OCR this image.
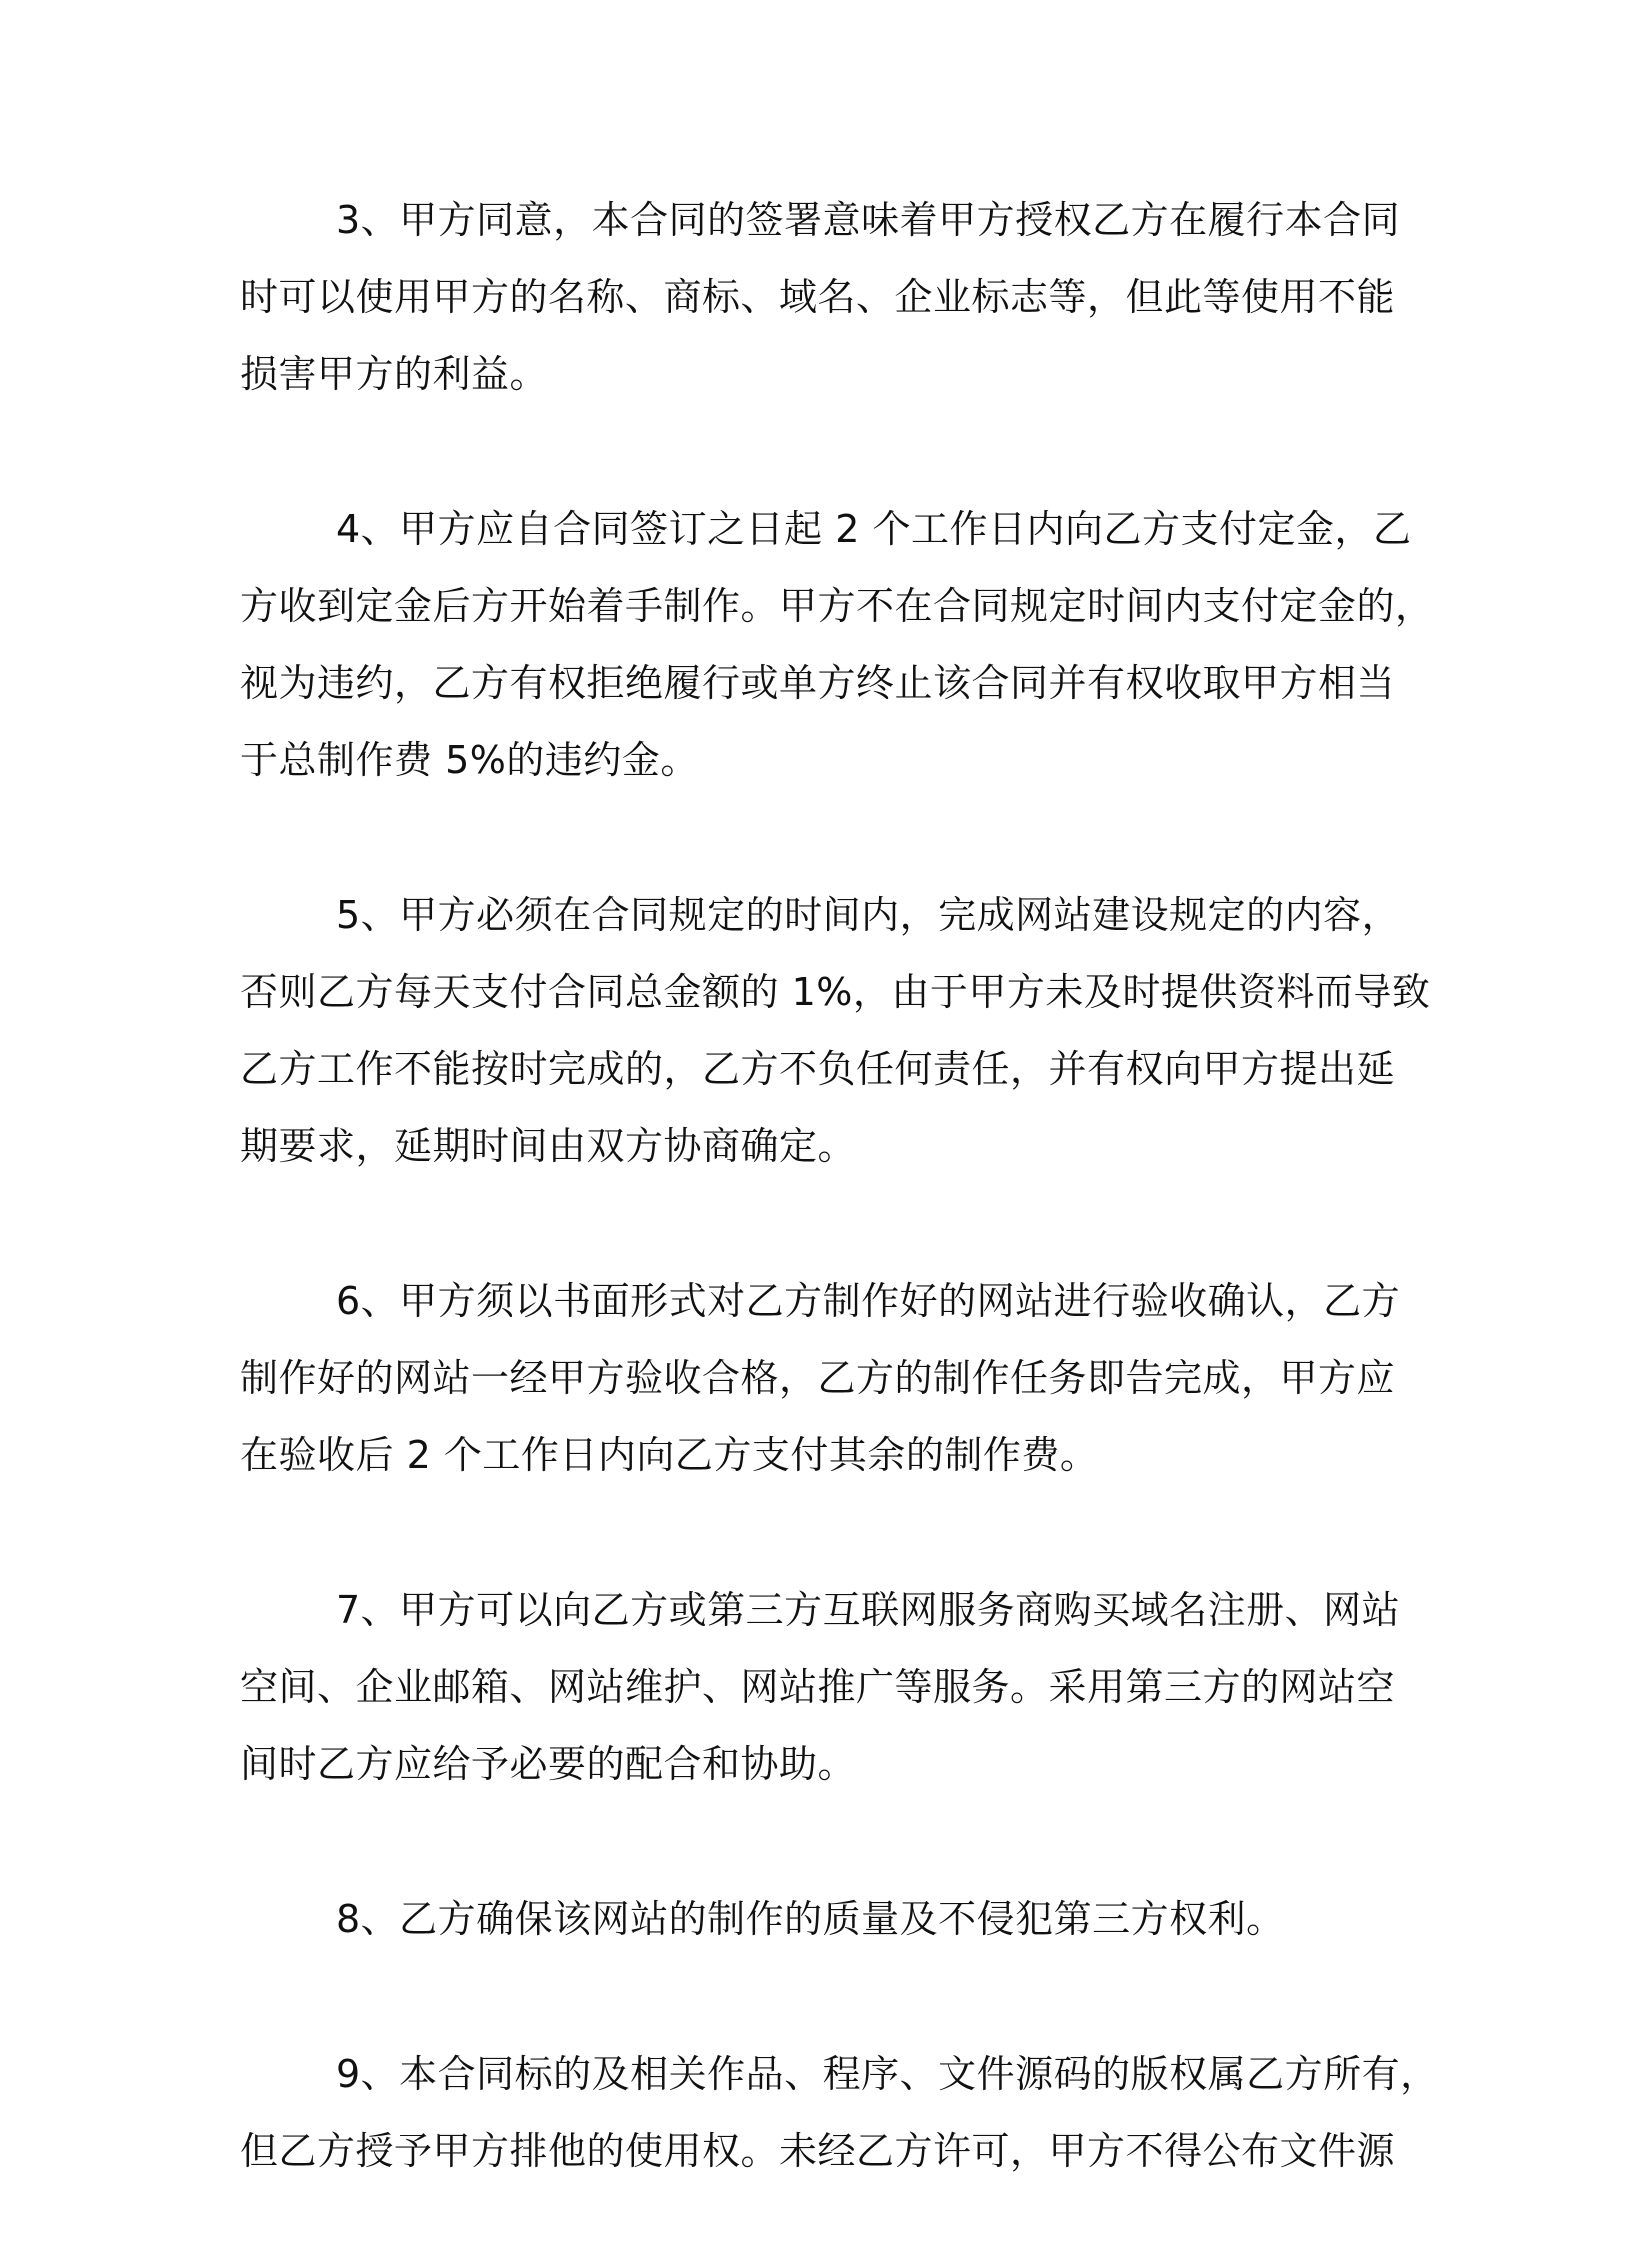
3、甲方同意，本合同的签署意味着甲方授权乙方在履行本合同
时可以使用甲方的名称、商标、域名、企业标志等，但此等使用不能
损害甲方的利益。
4、甲方应自合同签订之日起 2 个工作日内向乙方支付定金，乙
方收到定金后方开始着手制作。甲方不在合同规定时间内支付定金的，
视为违约，乙方有权拒绝履行或单方终止该合同并有权收取甲方相当
于总制作费 5%的违约金。
5、甲方必须在合同规定的时间内，完成网站建设规定的内容，
否则乙方每天支付合同总金额的 1%，由于甲方未及时提供资料而导致
乙方工作不能按时完成的，乙方不负任何责任，并有权向甲方提出延
期要求，延期时间由双方协商确定。
6、甲方须以书面形式对乙方制作好的网站进行验收确认，乙方
制作好的网站一经甲方验收合格，乙方的制作任务即告完成，甲方应
在验收后 2 个工作日内向乙方支付其余的制作费。
7、甲方可以向乙方或第三方互联网服务商购买域名注册、网站
空间、企业邮箱、网站维护、网站推广等服务。采用第三方的网站空
间时乙方应给予必要的配合和协助。
8、乙方确保该网站的制作的质量及不侵犯第三方权利。
9、本合同标的及相关作品、程序、文件源码的版权属乙方所有，
但乙方授予甲方排他的使用权。未经乙方许可，甲方不得公布文件源
